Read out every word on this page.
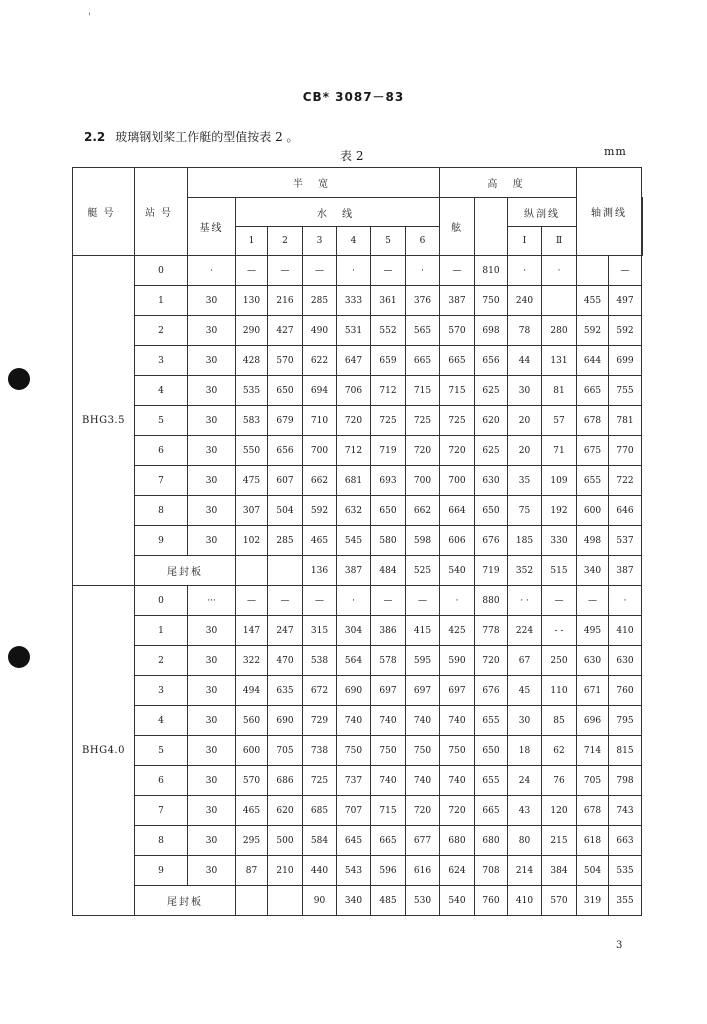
'
CB* 3087－83
2.2 玻璃钢划桨工作艇的型值按表 2 。
表 2	mm
艇号	站号	半 宽							高 度				轴測线		
		基线	水 线						舷		纵剖线				
			1	2	3	4	5	6			Ⅰ	Ⅱ			
BHG3.5	0	·	—	—	—	·	—	·	—	810	·	·		—	
	1	30	130	216	285	333	361	376	387	750	240		455	497	
	2	30	290	427	490	531	552	565	570	698	78	280	592	592	
	3	30	428	570	622	647	659	665	665	656	44	131	644	699	
	4	30	535	650	694	706	712	715	715	625	30	81	665	755	
	5	30	583	679	710	720	725	725	725	620	20	57	678	781	
	6	30	550	656	700	712	719	720	720	625	20	71	675	770	
	7	30	475	607	662	681	693	700	700	630	35	109	655	722	
	8	30	307	504	592	632	650	662	664	650	75	192	600	646	
	9	30	102	285	465	545	580	598	606	676	185	330	498	537	
	尾封板				136	387	484	525	540	719	352	515	340	387	
BHG4.0	0	···	—	—	—	·	—	—	·	880	· ·	—	—	·	
	1	30	147	247	315	304	386	415	425	778	224	- -	495	410	
	2	30	322	470	538	564	578	595	590	720	67	250	630	630	
	3	30	494	635	672	690	697	697	697	676	45	110	671	760	
	4	30	560	690	729	740	740	740	740	655	30	85	696	795	
	5	30	600	705	738	750	750	750	750	650	18	62	714	815	
	6	30	570	686	725	737	740	740	740	655	24	76	705	798	
	7	30	465	620	685	707	715	720	720	665	43	120	678	743	
	8	30	295	500	584	645	665	677	680	680	80	215	618	663	
	9	30	87	210	440	543	596	616	624	708	214	384	504	535	
	尾封板				90	340	485	530	540	760	410	570	319	355	
3
